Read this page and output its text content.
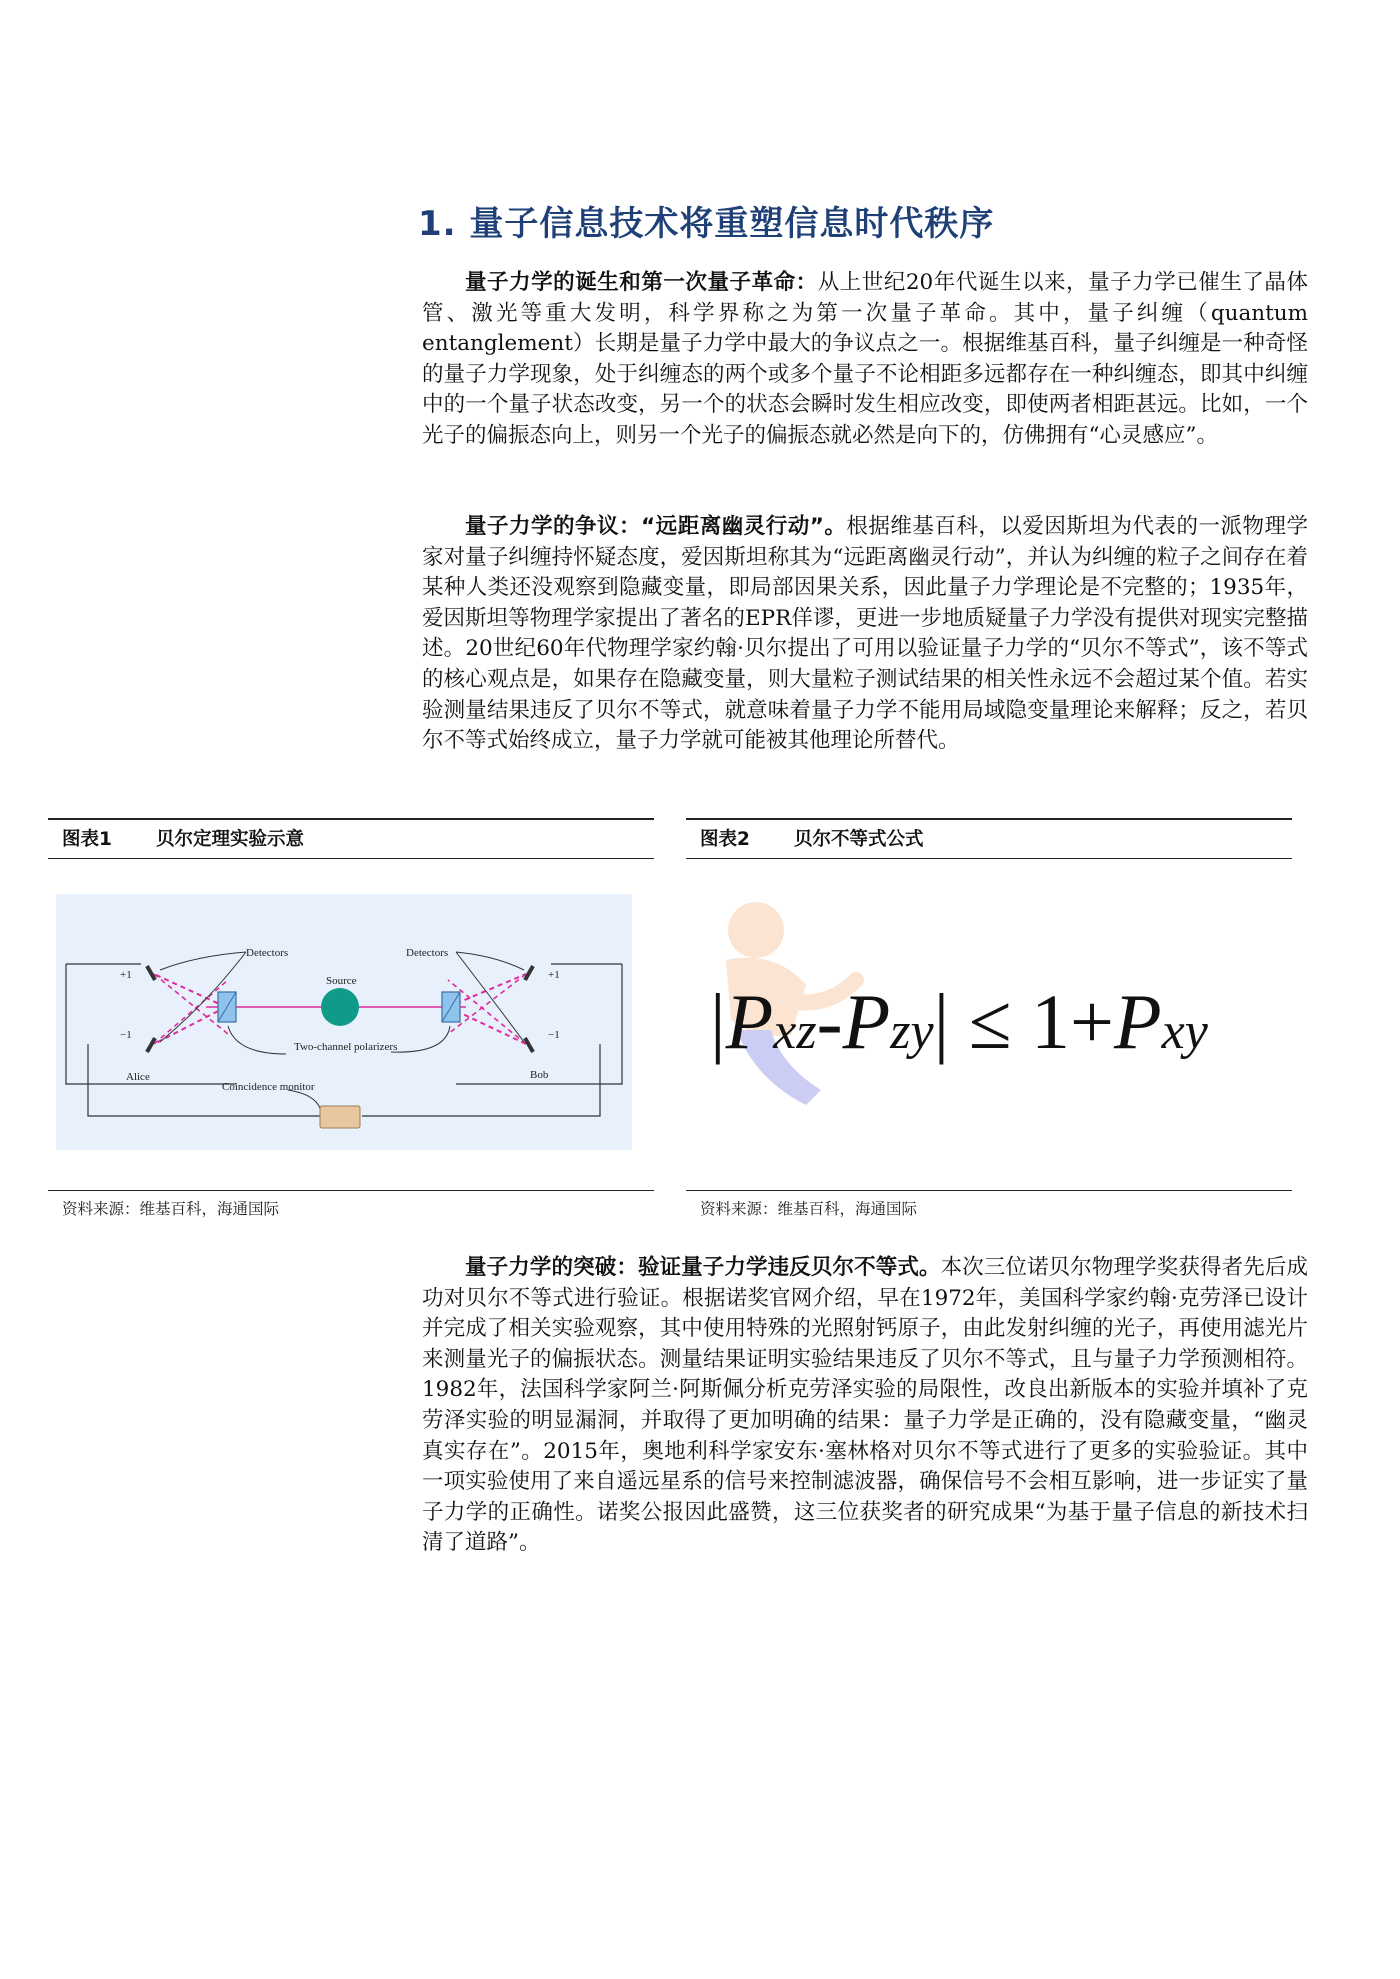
1. 量子信息技术将重塑信息时代秩序

量子力学的诞生和第一次量子革命：从上世纪20年代诞生以来，量子力学已催生了晶体管、激光等重大发明，科学界称之为第一次量子革命。其中，量子纠缠（quantum entanglement）长期是量子力学中最大的争议点之一。根据维基百科，量子纠缠是一种奇怪的量子力学现象，处于纠缠态的两个或多个量子不论相距多远都存在一种纠缠态，即其中纠缠中的一个量子状态改变，另一个的状态会瞬时发生相应改变，即使两者相距甚远。比如，一个光子的偏振态向上，则另一个光子的偏振态就必然是向下的，仿佛拥有“心灵感应”。

量子力学的争议：“远距离幽灵行动”。根据维基百科，以爱因斯坦为代表的一派物理学家对量子纠缠持怀疑态度，爱因斯坦称其为“远距离幽灵行动”，并认为纠缠的粒子之间存在着某种人类还没观察到隐藏变量，即局部因果关系，因此量子力学理论是不完整的；1935年，爱因斯坦等物理学家提出了著名的EPR佯谬，更进一步地质疑量子力学没有提供对现实完整描述。20世纪60年代物理学家约翰·贝尔提出了可用以验证量子力学的“贝尔不等式”，该不等式的核心观点是，如果存在隐藏变量，则大量粒子测试结果的相关性永远不会超过某个值。若实验测量结果违反了贝尔不等式，就意味着量子力学不能用局域隐变量理论来解释；反之，若贝尔不等式始终成立，量子力学就可能被其他理论所替代。

图表1 贝尔定理实验示意	图表2 贝尔不等式公式
Detectors	Detectors
Source
Two-channel polarizers
Coincidence monitor
Alice	Bob
+1
−1
+1
−1 |Pxz-Pzy| ≤ 1+Pxy
资料来源：维基百科，海通国际	资料来源：维基百科，海通国际

量子力学的突破：验证量子力学违反贝尔不等式。本次三位诺贝尔物理学奖获得者先后成功对贝尔不等式进行验证。根据诺奖官网介绍，早在1972年，美国科学家约翰·克劳泽已设计并完成了相关实验观察，其中使用特殊的光照射钙原子，由此发射纠缠的光子，再使用滤光片来测量光子的偏振状态。测量结果证明实验结果违反了贝尔不等式，且与量子力学预测相符。1982年，法国科学家阿兰·阿斯佩分析克劳泽实验的局限性，改良出新版本的实验并填补了克劳泽实验的明显漏洞，并取得了更加明确的结果：量子力学是正确的，没有隐藏变量，“幽灵真实存在”。2015年，奥地利科学家安东·塞林格对贝尔不等式进行了更多的实验验证。其中一项实验使用了来自遥远星系的信号来控制滤波器，确保信号不会相互影响，进一步证实了量子力学的正确性。诺奖公报因此盛赞，这三位获奖者的研究成果“为基于量子信息的新技术扫清了道路”。
